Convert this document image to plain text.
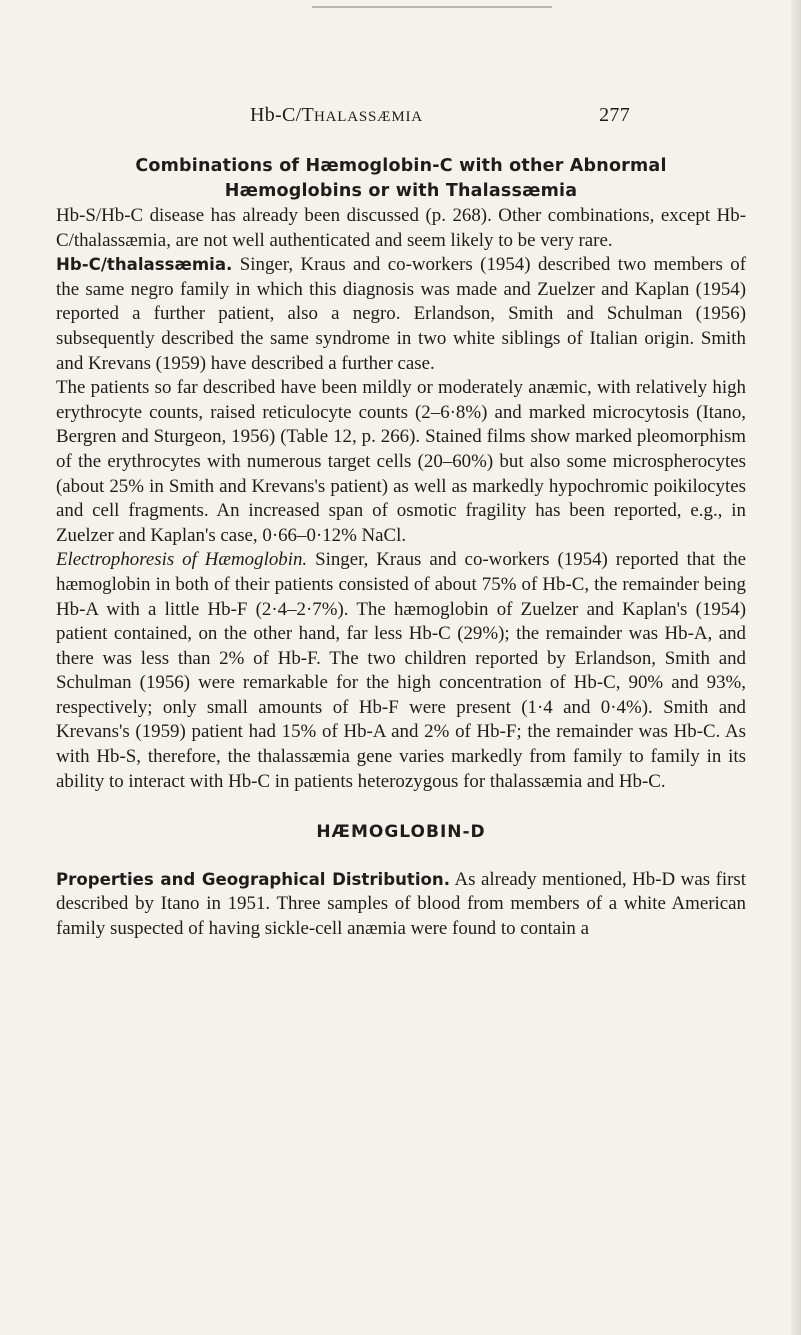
Hb-C/THALASSÆMIA	277
Combinations of Hæmoglobin-C with other Abnormal
Hæmoglobins or with Thalassæmia

Hb-S/Hb-C disease has already been discussed (p. 268). Other combinations, except Hb-C/thalassæmia, are not well authenticated and seem likely to be very rare.

Hb-C/thalassæmia. Singer, Kraus and co-workers (1954) described two members of the same negro family in which this diagnosis was made and Zuelzer and Kaplan (1954) reported a further patient, also a negro. Erlandson, Smith and Schulman (1956) subsequently described the same syndrome in two white siblings of Italian origin. Smith and Krevans (1959) have described a further case.

The patients so far described have been mildly or moderately anæmic, with relatively high erythrocyte counts, raised reticulocyte counts (2–6·8%) and marked microcytosis (Itano, Bergren and Sturgeon, 1956) (Table 12, p. 266). Stained films show marked pleomorphism of the erythrocytes with numerous target cells (20–60%) but also some microspherocytes (about 25% in Smith and Krevans's patient) as well as markedly hypochromic poikilocytes and cell fragments. An increased span of osmotic fragility has been reported, e.g., in Zuelzer and Kaplan's case, 0·66–0·12% NaCl.

Electrophoresis of Hæmoglobin. Singer, Kraus and co-workers (1954) reported that the hæmoglobin in both of their patients consisted of about 75% of Hb-C, the remainder being Hb-A with a little Hb-F (2·4–2·7%). The hæmoglobin of Zuelzer and Kaplan's (1954) patient contained, on the other hand, far less Hb-C (29%); the remainder was Hb-A, and there was less than 2% of Hb-F. The two children reported by Erlandson, Smith and Schulman (1956) were remarkable for the high concentration of Hb-C, 90% and 93%, respectively; only small amounts of Hb-F were present (1·4 and 0·4%). Smith and Krevans's (1959) patient had 15% of Hb-A and 2% of Hb-F; the remainder was Hb-C. As with Hb-S, therefore, the thalassæmia gene varies markedly from family to family in its ability to interact with Hb-C in patients heterozygous for thalassæmia and Hb-C.

HÆMOGLOBIN-D

Properties and Geographical Distribution. As already mentioned, Hb-D was first described by Itano in 1951. Three samples of blood from members of a white American family suspected of having sickle-cell anæmia were found to contain a
